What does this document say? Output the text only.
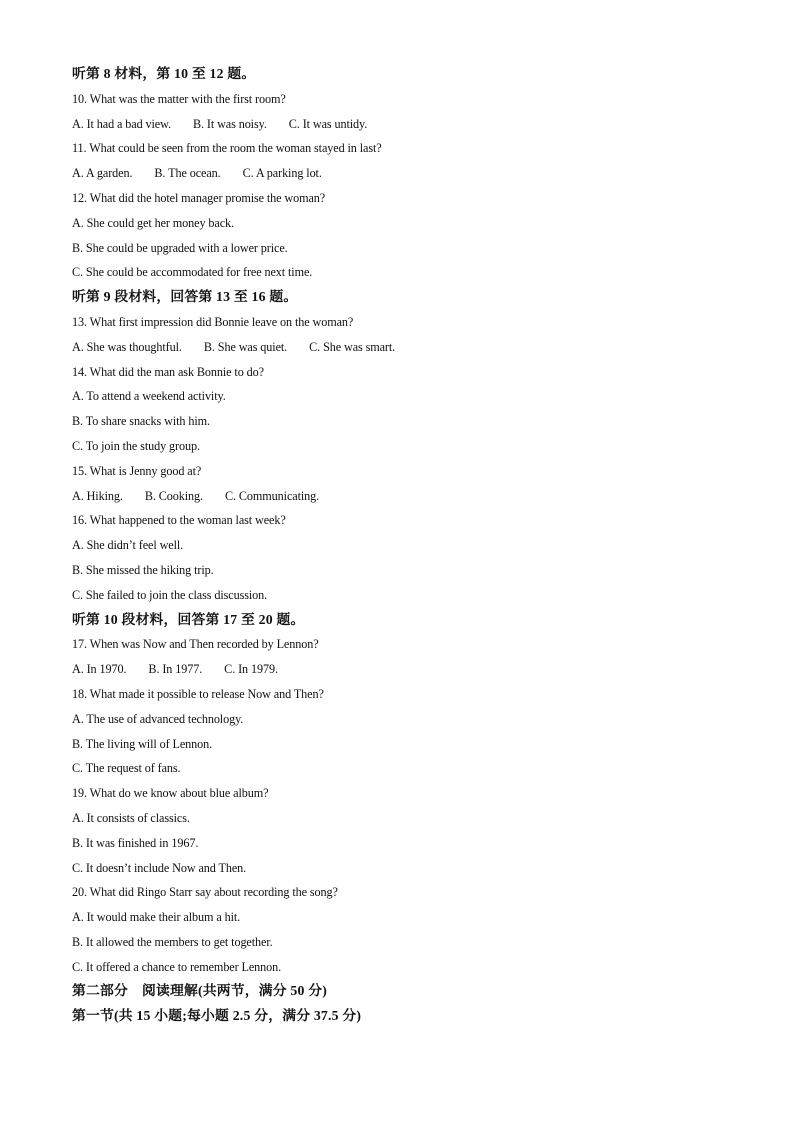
听第 8 材料，第 10 至 12 题。
10. What was the matter with the first room?
A. It had a bad view. B. It was noisy. C. It was untidy.
11. What could be seen from the room the woman stayed in last?
A. A garden. B. The ocean. C. A parking lot.
12. What did the hotel manager promise the woman?
A. She could get her money back.
B. She could be upgraded with a lower price.
C. She could be accommodated for free next time.
听第 9 段材料，回答第 13 至 16 题。
13. What first impression did Bonnie leave on the woman?
A. She was thoughtful. B. She was quiet. C. She was smart.
14. What did the man ask Bonnie to do?
A. To attend a weekend activity.
B. To share snacks with him.
C. To join the study group.
15. What is Jenny good at?
A. Hiking. B. Cooking. C. Communicating.
16. What happened to the woman last week?
A. She didn’t feel well.
B. She missed the hiking trip.
C. She failed to join the class discussion.
听第 10 段材料，回答第 17 至 20 题。
17. When was Now and Then recorded by Lennon?
A. In 1970. B. In 1977. C. In 1979.
18. What made it possible to release Now and Then?
A. The use of advanced technology.
B. The living will of Lennon.
C. The request of fans.
19. What do we know about blue album?
A. It consists of classics.
B. It was finished in 1967.
C. It doesn’t include Now and Then.
20. What did Ringo Starr say about recording the song?
A. It would make their album a hit.
B. It allowed the members to get together.
C. It offered a chance to remember Lennon.
第二部分　阅读理解(共两节，满分 50 分)
第一节(共 15 小题;每小题 2.5 分，满分 37.5 分)
